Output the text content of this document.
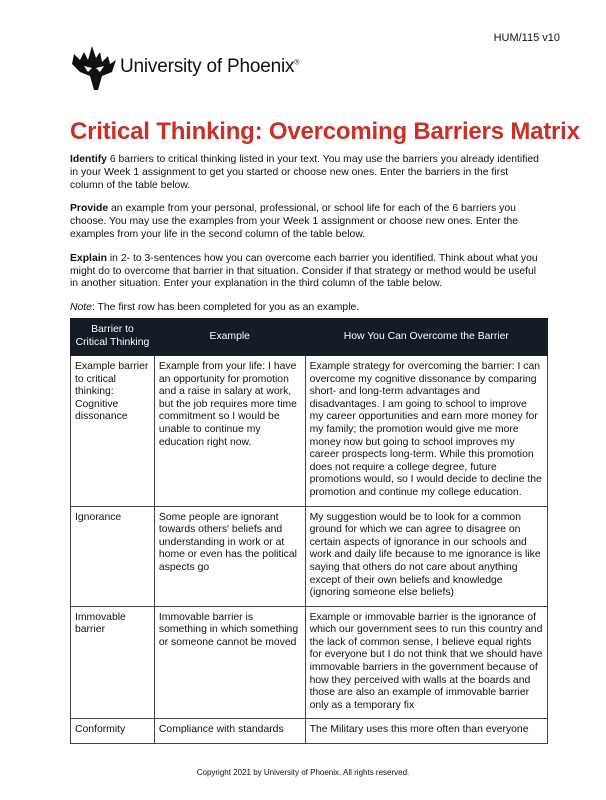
HUM/115 v10
University of Phoenix®
Critical Thinking: Overcoming Barriers Matrix

Identify 6 barriers to critical thinking listed in your text. You may use the barriers you already identified in your Week 1 assignment to get you started or choose new ones. Enter the barriers in the first column of the table below.

Provide an example from your personal, professional, or school life for each of the 6 barriers you choose. You may use the examples from your Week 1 assignment or choose new ones. Enter the examples from your life in the second column of the table below.

Explain in 2- to 3-sentences how you can overcome each barrier you identified. Think about what you might do to overcome that barrier in that situation. Consider if that strategy or method would be useful in another situation. Enter your explanation in the third column of the table below.

Note: The first row has been completed for you as an example.

Barrier to Critical Thinking	Example	How You Can Overcome the Barrier
Example barrier to critical thinking: Cognitive dissonance	Example from your life: I have an opportunity for promotion and a raise in salary at work, but the job requires more time commitment so I would be unable to continue my education right now.	Example strategy for overcoming the barrier: I can overcome my cognitive dissonance by comparing short- and long-term advantages and disadvantages. I am going to school to improve my career opportunities and earn more money for my family; the promotion would give me more money now but going to school improves my career prospects long-term. While this promotion does not require a college degree, future promotions would, so I would decide to decline the promotion and continue my college education.
Ignorance	Some people are ignorant towards others' beliefs and understanding in work or at home or even has the political aspects go	My suggestion would be to look for a common ground for which we can agree to disagree on certain aspects of ignorance in our schools and work and daily life because to me ignorance is like saying that others do not care about anything except of their own beliefs and knowledge (ignoring someone else beliefs)
Immovable barrier	Immovable barrier is something in which something or someone cannot be moved	Example or immovable barrier is the ignorance of which our government sees to run this country and the lack of common sense, I believe equal rights for everyone but I do not think that we should have immovable barriers in the government because of how they perceived with walls at the boards and those are also an example of immovable barrier only as a temporary fix
Conformity	Compliance with standards	The Military uses this more often than everyone
Copyright 2021 by University of Phoenix. All rights reserved.
